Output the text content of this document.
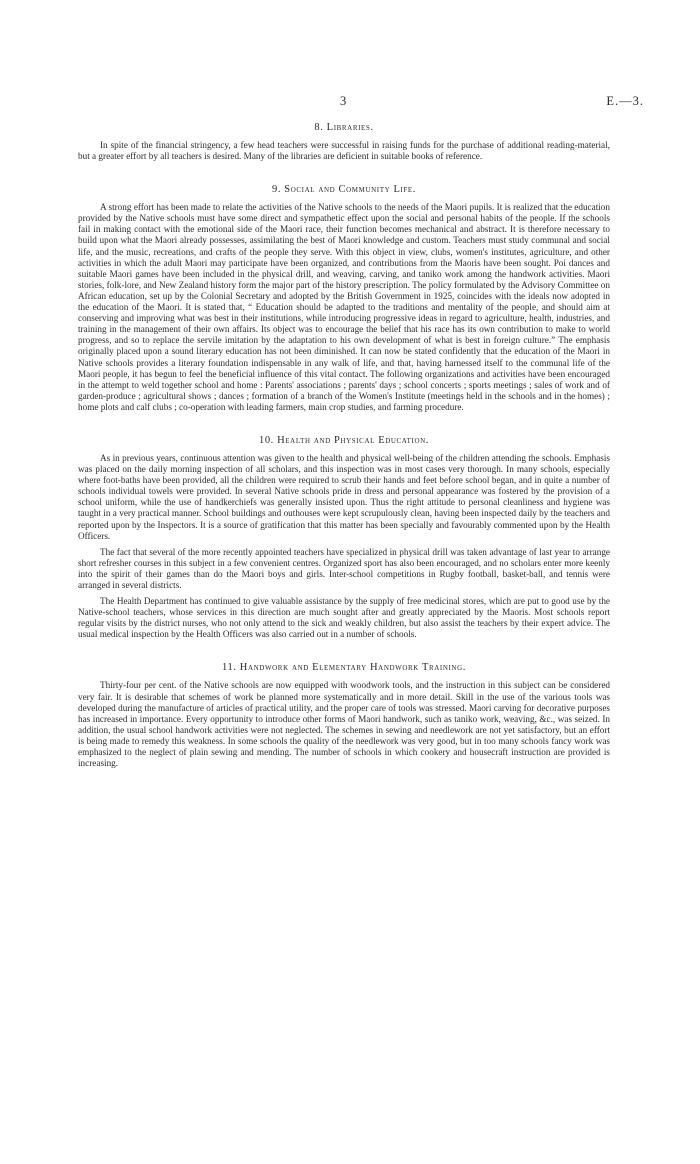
3	E.—3.
8. Libraries.

In spite of the financial stringency, a few head teachers were successful in raising funds for the purchase of additional reading-material, but a greater effort by all teachers is desired. Many of the libraries are deficient in suitable books of reference.

9. Social and Community Life.

A strong effort has been made to relate the activities of the Native schools to the needs of the Maori pupils. It is realized that the education provided by the Native schools must have some direct and sympathetic effect upon the social and personal habits of the people. If the schools fail in making contact with the emotional side of the Maori race, their function becomes mechanical and abstract. It is therefore necessary to build upon what the Maori already possesses, assimilating the best of Maori knowledge and custom. Teachers must study communal and social life, and the music, recreations, and crafts of the people they serve. With this object in view, clubs, women's institutes, agriculture, and other activities in which the adult Maori may participate have been organized, and contributions from the Maoris have been sought. Poi dances and suitable Maori games have been included in the physical drill, and weaving, carving, and taniko work among the handwork activities. Maori stories, folk-lore, and New Zealand history form the major part of the history prescription. The policy formulated by the Advisory Committee on African education, set up by the Colonial Secretary and adopted by the British Government in 1925, coincides with the ideals now adopted in the education of the Maori. It is stated that, “ Education should be adapted to the traditions and mentality of the people, and should aim at conserving and improving what was best in their institutions, while introducing progressive ideas in regard to agriculture, health, industries, and training in the management of their own affairs. Its object was to encourage the belief that his race has its own contribution to make to world progress, and so to replace the servile imitation by the adaptation to his own development of what is best in foreign culture.” The emphasis originally placed upon a sound literary education has not been diminished. It can now be stated confidently that the education of the Maori in Native schools provides a literary foundation indispensable in any walk of life, and that, having harnessed itself to the communal life of the Maori people, it has begun to feel the beneficial influence of this vital contact. The following organizations and activities have been encouraged in the attempt to weld together school and home : Parents' associations ; parents' days ; school concerts ; sports meetings ; sales of work and of garden-produce ; agricultural shows ; dances ; formation of a branch of the Women's Institute (meetings held in the schools and in the homes) ; home plots and calf clubs ; co-operation with leading farmers, main crop studies, and farming procedure.

10. Health and Physical Education.

As in previous years, continuous attention was given to the health and physical well-being of the children attending the schools. Emphasis was placed on the daily morning inspection of all scholars, and this inspection was in most cases very thorough. In many schools, especially where foot-baths have been provided, all the children were required to scrub their hands and feet before school began, and in quite a number of schools individual towels were provided. In several Native schools pride in dress and personal appearance was fostered by the provision of a school uniform, while the use of handkerchiefs was generally insisted upon. Thus the right attitude to personal cleanliness and hygiene was taught in a very practical manner. School buildings and outhouses were kept scrupulously clean, having been inspected daily by the teachers and reported upon by the Inspectors. It is a source of gratification that this matter has been specially and favourably commented upon by the Health Officers.

The fact that several of the more recently appointed teachers have specialized in physical drill was taken advantage of last year to arrange short refresher courses in this subject in a few convenient centres. Organized sport has also been encouraged, and no scholars enter more keenly into the spirit of their games than do the Maori boys and girls. Inter-school competitions in Rugby football, basket-ball, and tennis were arranged in several districts.

The Health Department has continued to give valuable assistance by the supply of free medicinal stores, which are put to good use by the Native-school teachers, whose services in this direction are much sought after and greatly appreciated by the Maoris. Most schools report regular visits by the district nurses, who not only attend to the sick and weakly children, but also assist the teachers by their expert advice. The usual medical inspection by the Health Officers was also carried out in a number of schools.

11. Handwork and Elementary Handwork Training.

Thirty-four per cent. of the Native schools are now equipped with woodwork tools, and the instruction in this subject can be considered very fair. It is desirable that schemes of work be planned more systematically and in more detail. Skill in the use of the various tools was developed during the manufacture of articles of practical utility, and the proper care of tools was stressed. Maori carving for decorative purposes has increased in importance. Every opportunity to introduce other forms of Maori handwork, such as taniko work, weaving, &c., was seized. In addition, the usual school handwork activities were not neglected. The schemes in sewing and needlework are not yet satisfactory, but an effort is being made to remedy this weakness. In some schools the quality of the needlework was very good, but in too many schools fancy work was emphasized to the neglect of plain sewing and mending. The number of schools in which cookery and housecraft instruction are provided is increasing.
